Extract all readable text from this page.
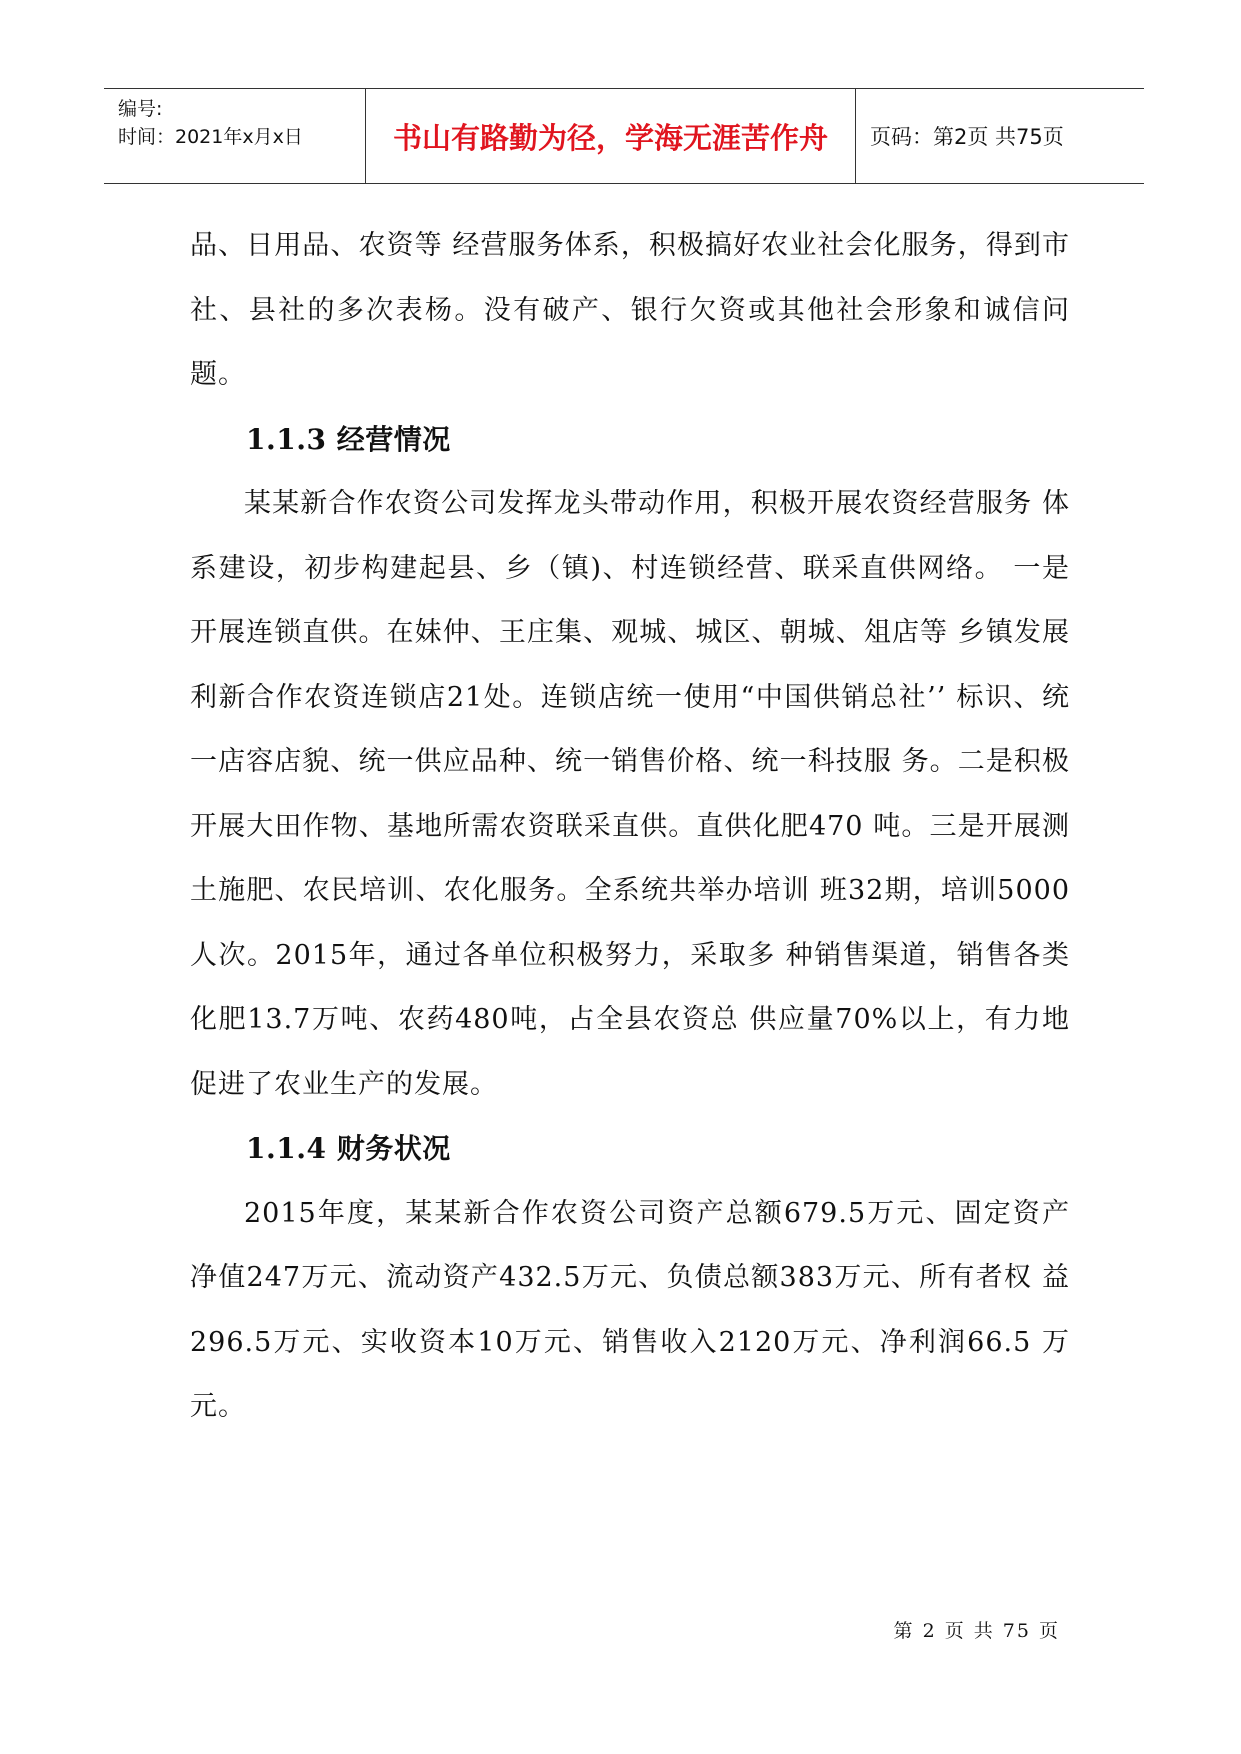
编号:
时间：2021年x月x日	书山有路勤为径，学海无涯苦作舟	页码：第2页 共75页

品、日用品、农资等 经营服务体系，积极搞好农业社会化服务，得到市社、县社的多次表杨。没有破产、银行欠资或其他社会形象和诚信问题。

1.1.3 经营情况

某某新合作农资公司发挥龙头带动作用，积极开展农资经营服务 体系建设，初步构建起县、乡（镇)、村连锁经营、联采直供网络。 一是开展连锁直供。在妹仲、王庄集、观城、城区、朝城、俎店等 乡镇发展利新合作农资连锁店21处。连锁店统一使用“中国供销总社’’ 标识、统一店容店貌、统一供应品种、统一销售价格、统一科技服 务。二是积极开展大田作物、基地所需农资联采直供。直供化肥470 吨。三是开展测土施肥、农民培训、农化服务。全系统共举办培训 班32期，培训5000人次。2015年，通过各单位积极努力，采取多 种销售渠道，销售各类化肥13.7万吨、农药480吨，占全县农资总 供应量70%以上，有力地促进了农业生产的发展。

1.1.4 财务状况

2015年度，某某新合作农资公司资产总额679.5万元、固定资产 净值247万元、流动资产432.5万元、负债总额383万元、所有者权 益296.5万元、实收资本10万元、销售收入2120万元、净利润66.5 万元。

第 2 页 共 75 页
